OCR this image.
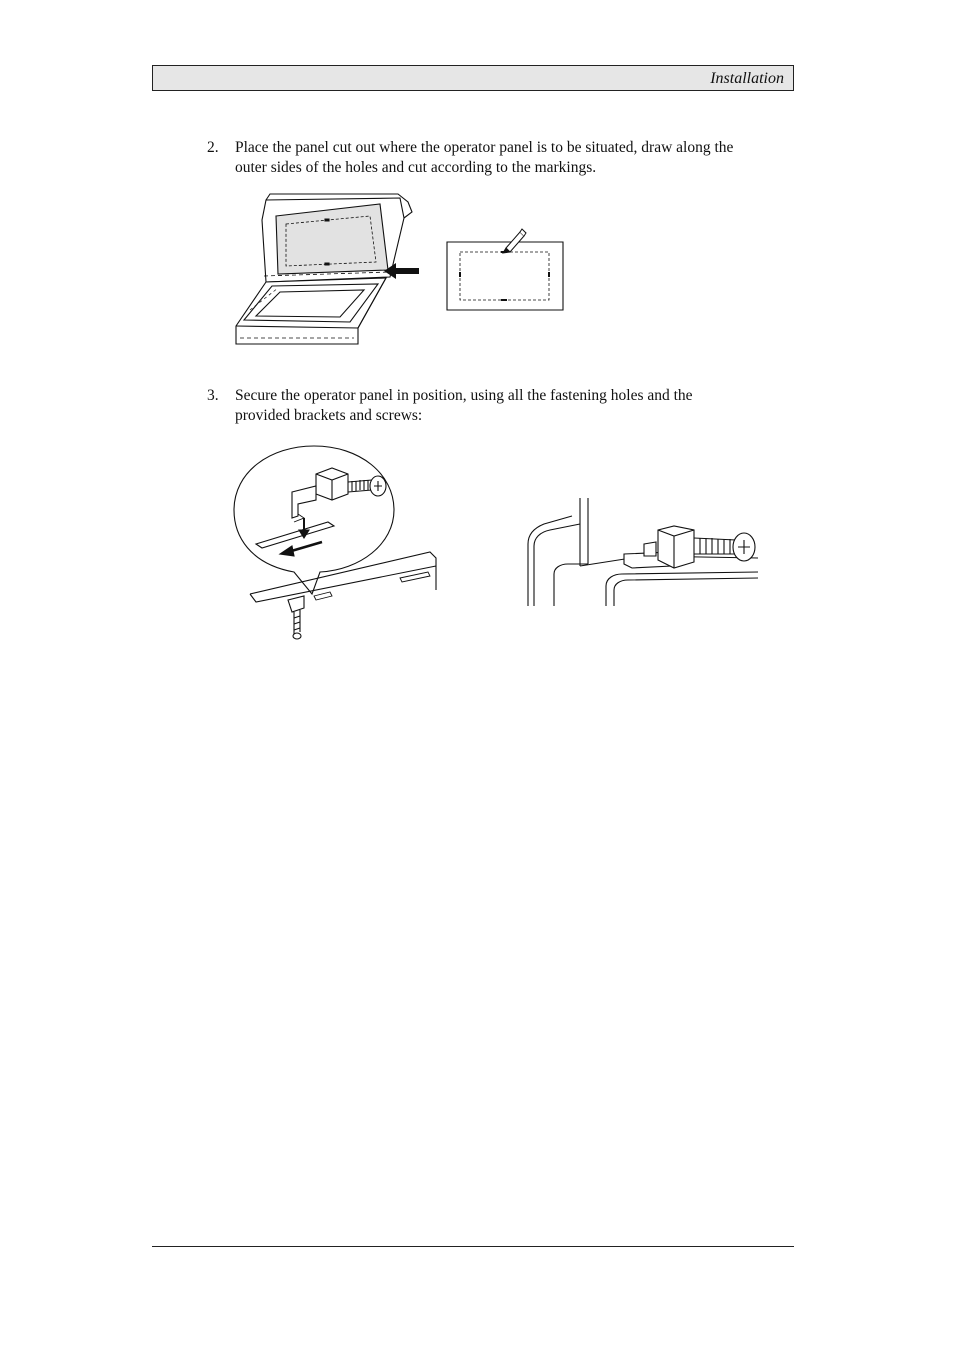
Installation
2. Place the panel cut out where the operator panel is to be situated, draw along the outer sides of the holes and cut according to the markings.
3. Secure the operator panel in position, using all the fastening holes and the provided brackets and screws:
